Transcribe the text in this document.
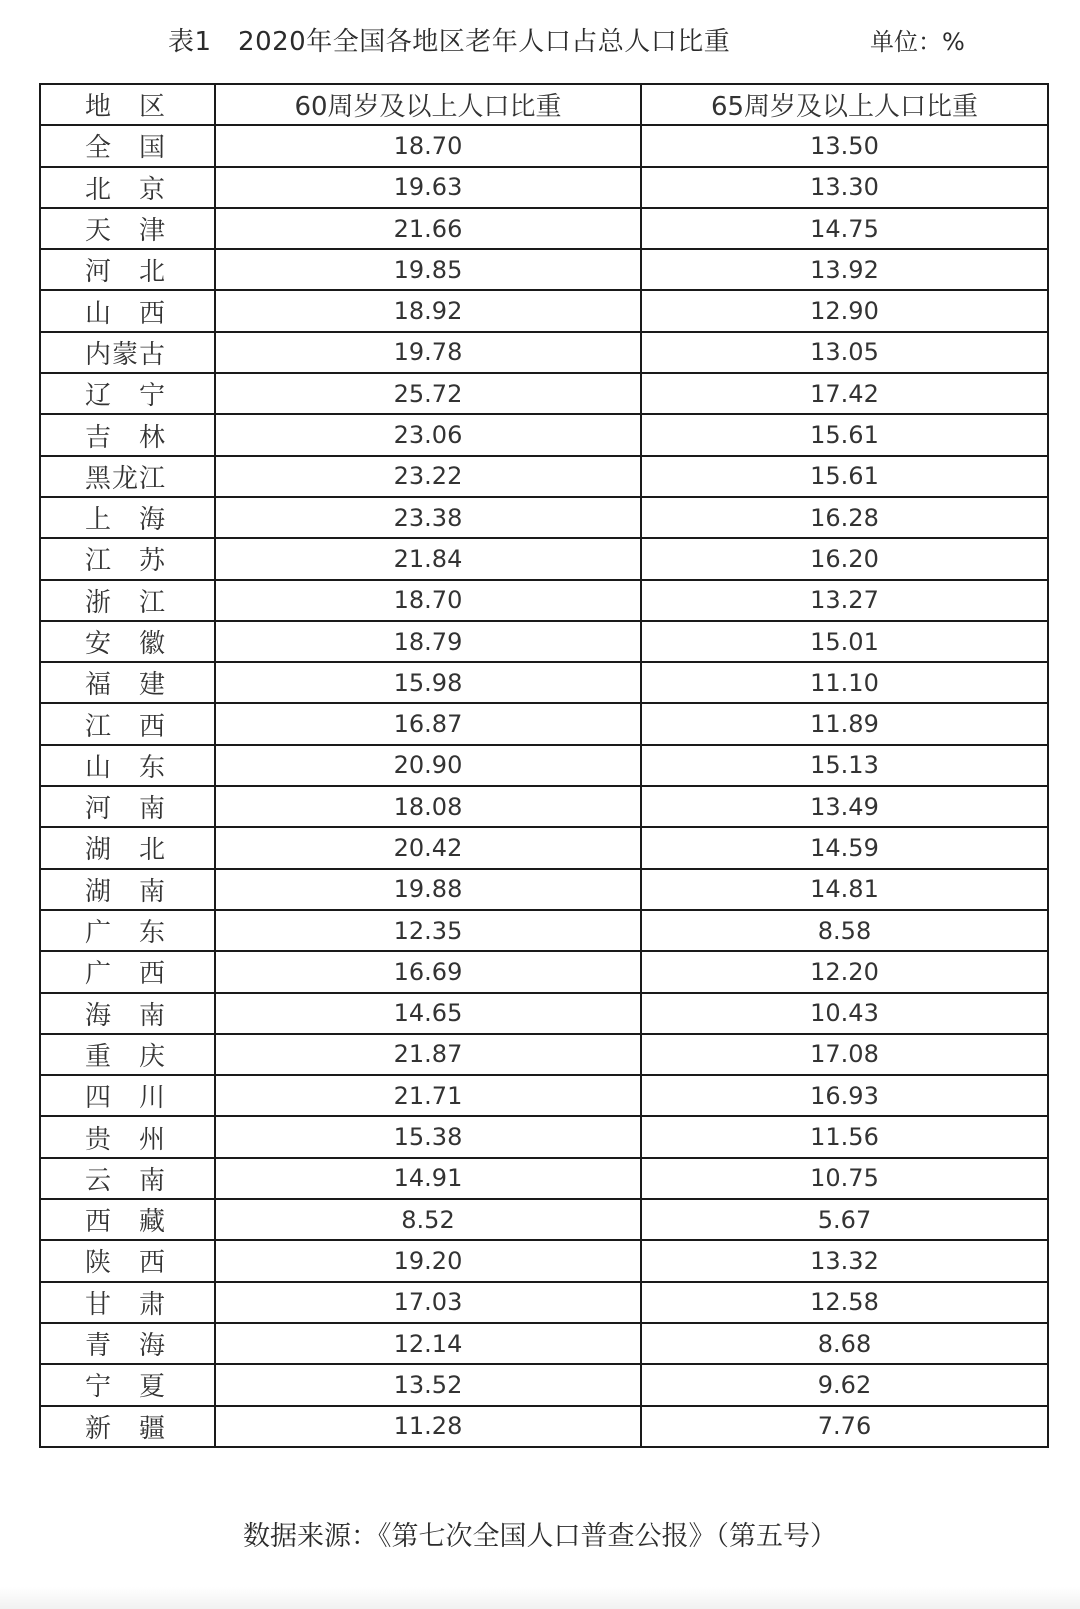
表1　2020年全国各地区老年人口占总人口比重	单位：%
地　区	60周岁及以上人口比重	65周岁及以上人口比重
全　国	18.70	13.50
北　京	19.63	13.30
天　津	21.66	14.75
河　北	19.85	13.92
山　西	18.92	12.90
内蒙古	19.78	13.05
辽　宁	25.72	17.42
吉　林	23.06	15.61
黑龙江	23.22	15.61
上　海	23.38	16.28
江　苏	21.84	16.20
浙　江	18.70	13.27
安　徽	18.79	15.01
福　建	15.98	11.10
江　西	16.87	11.89
山　东	20.90	15.13
河　南	18.08	13.49
湖　北	20.42	14.59
湖　南	19.88	14.81
广　东	12.35	8.58
广　西	16.69	12.20
海　南	14.65	10.43
重　庆	21.87	17.08
四　川	21.71	16.93
贵　州	15.38	11.56
云　南	14.91	10.75
西　藏	8.52	5.67
陕　西	19.20	13.32
甘　肃	17.03	12.58
青　海	12.14	8.68
宁　夏	13.52	9.62
新　疆	11.28	7.76
数据来源：《第七次全国人口普查公报》（第五号）
